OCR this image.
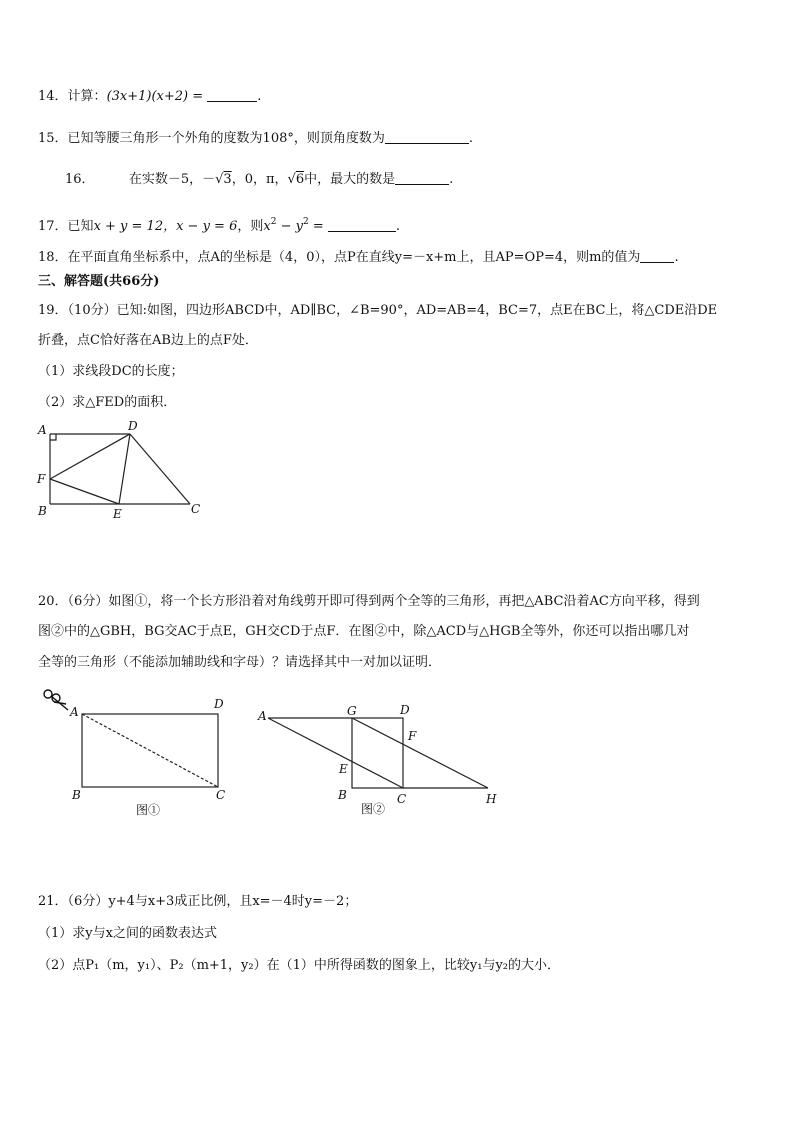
14．计算：(3x+1)(x+2) =	.
15．已知等腰三角形一个外角的度数为108°，则顶角度数为	.
16．	在实数－5，－√3，0，π，√6中，最大的数是	.
17．已知x + y = 12，x − y = 6，则$x^2 - y^2$ =	.
18．在平面直角坐标系中，点A的坐标是（4，0），点P在直线y=－x+m上，且AP=OP=4，则m的值为	.
三、解答题(共66分)
19．（10分）已知:如图，四边形ABCD中，AD∥BC，∠B=90°，AD=AB=4，BC=7，点E在BC上，将△CDE沿DE
折叠，点C恰好落在AB边上的点F处．
（1）求线段DC的长度；
（2）求△FED的面积．
A	D
F
B	E	C
20．（6分）如图①，将一个长方形沿着对角线剪开即可得到两个全等的三角形，再把△ABC沿着AC方向平移，得到
图②中的△GBH，BG交AC于点E，GH交CD于点F．在图②中，除△ACD与△HGB全等外，你还可以指出哪几对
全等的三角形（不能添加辅助线和字母）？请选择其中一对加以证明．
A
D
B	C
图①
A	G	D
F
E
B	C	H
图②
21．（6分）y+4与x+3成正比例，且x=－4时y=－2；
（1）求y与x之间的函数表达式
（2）点P₁（m，y₁）、P₂（m+1，y₂）在（1）中所得函数的图象上，比较y₁与y₂的大小．
